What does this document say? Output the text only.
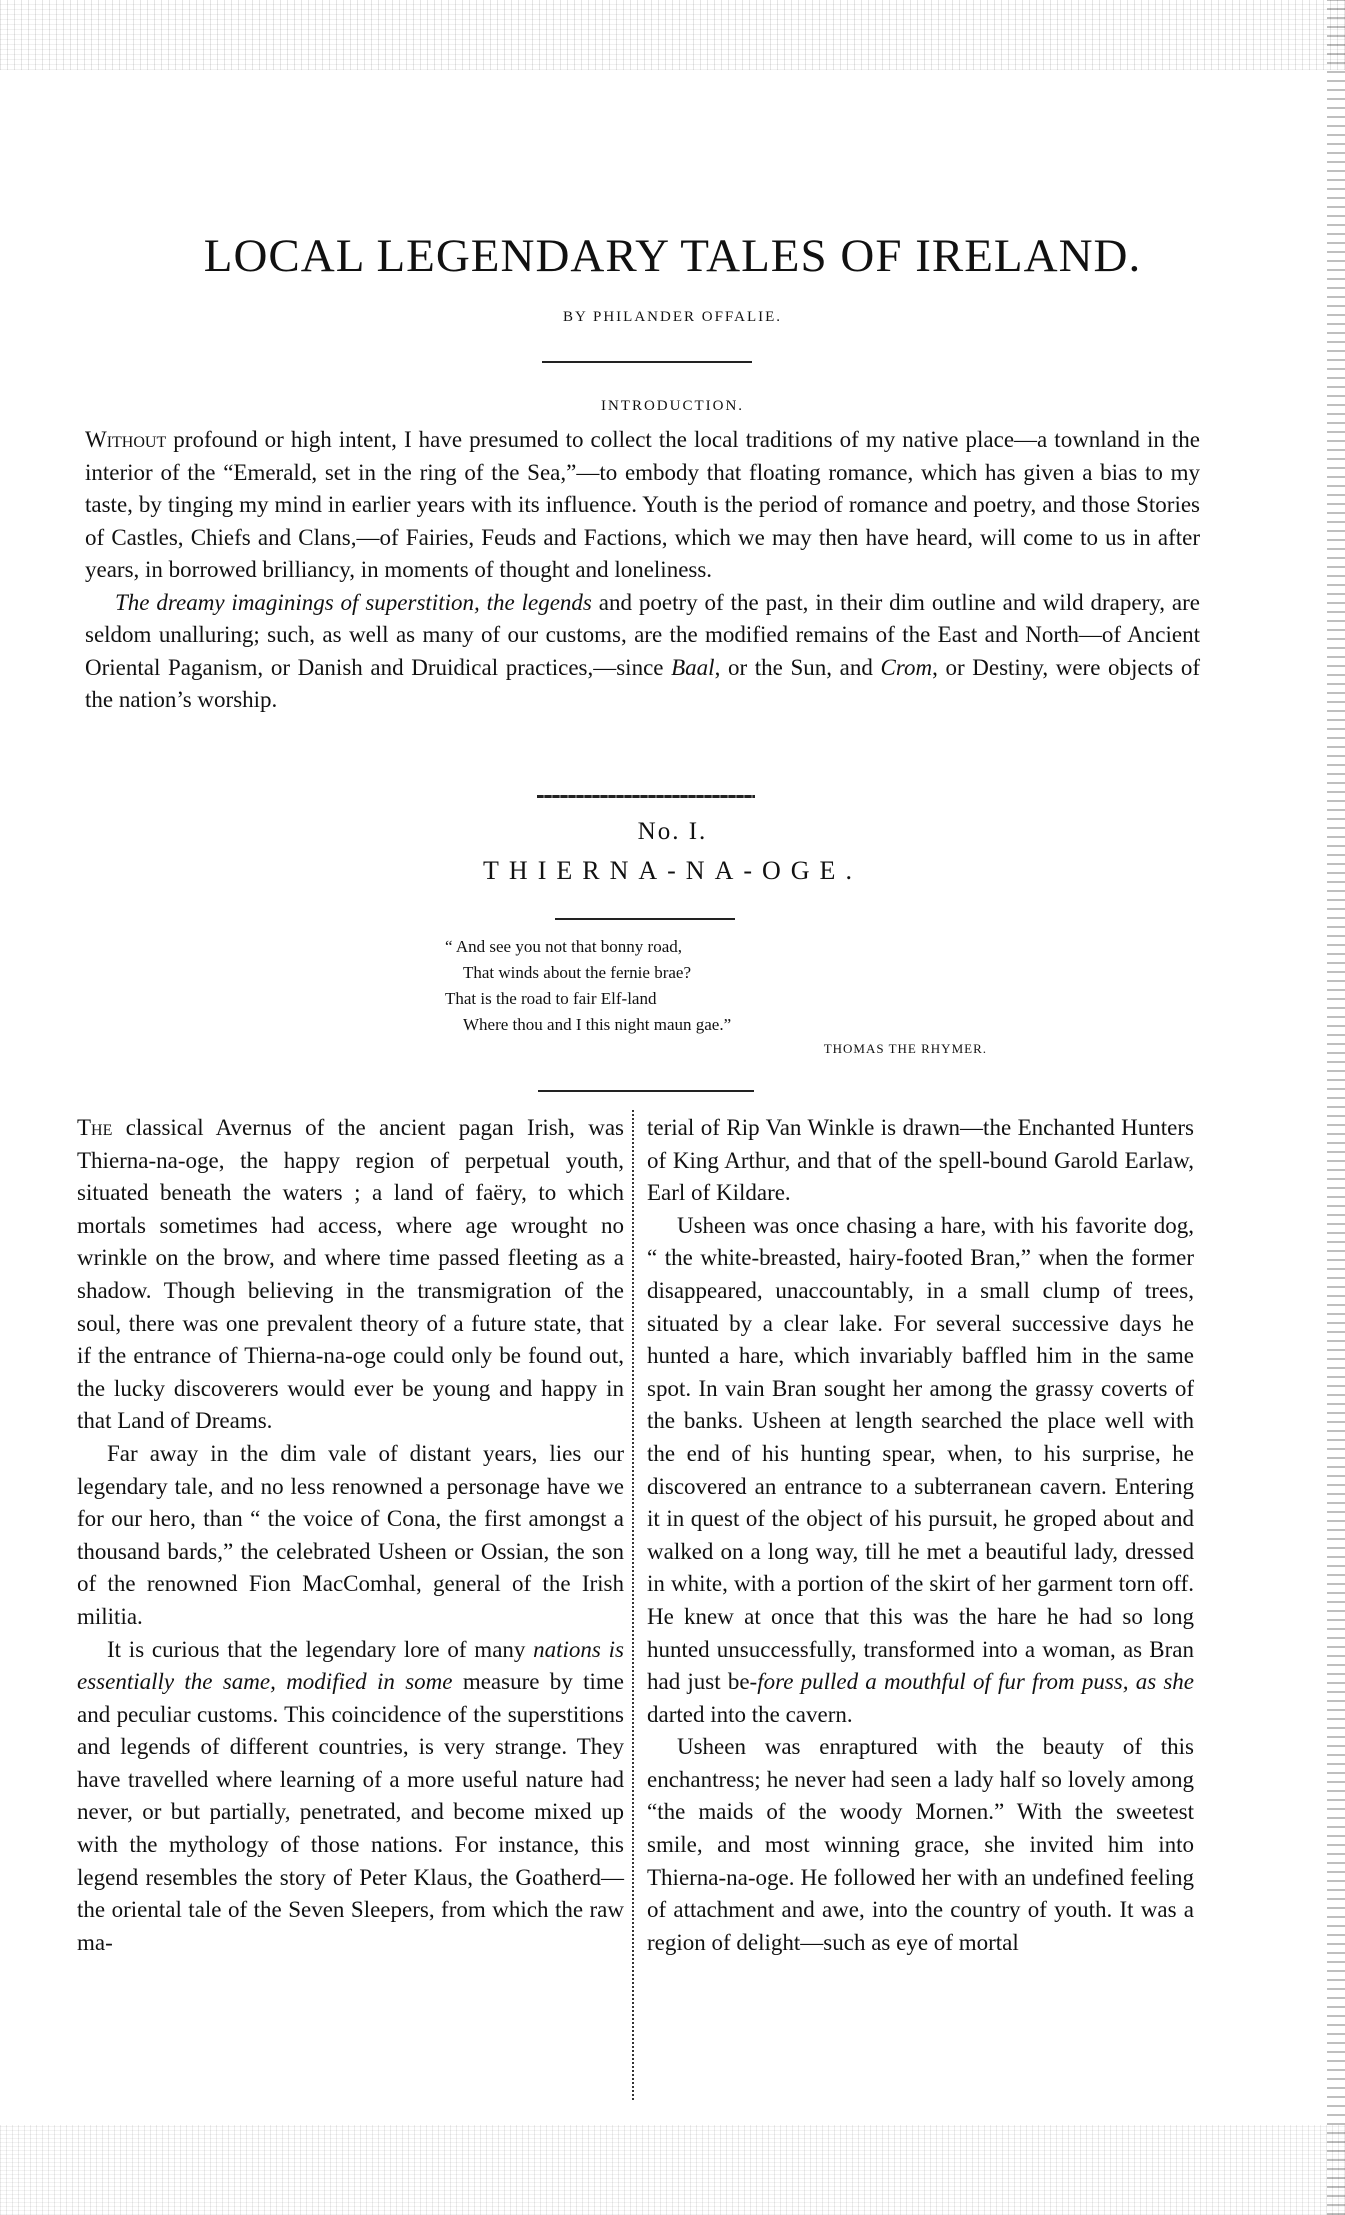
LOCAL LEGENDARY TALES OF IRELAND.
BY PHILANDER OFFALIE.
INTRODUCTION.

Without profound or high intent, I have presumed to collect the local traditions of my native place—a townland in the interior of the “Emerald, set in the ring of the Sea,”—to embody that floating romance, which has given a bias to my taste, by tinging my mind in earlier years with its influence. Youth is the period of romance and poetry, and those Stories of Castles, Chiefs and Clans,—of Fairies, Feuds and Factions, which we may then have heard, will come to us in after years, in borrowed brilliancy, in moments of thought and loneliness.

The dreamy imaginings of superstition, the legends and poetry of the past, in their dim outline and wild drapery, are seldom unalluring; such, as well as many of our customs, are the modified remains of the East and North—of Ancient Oriental Paganism, or Danish and Druidical practices,—since Baal, or the Sun, and Crom, or Destiny, were objects of the nation’s worship.

No. I.
THIERNA-NA-OGE.
“ And see you not that bonny road,
That winds about the fernie brae?
That is the road to fair Elf-land
Where thou and I this night maun gae.”
THOMAS THE RHYMER.

The classical Avernus of the ancient pagan Irish, was Thierna-na-oge, the happy region of perpetual youth, situated beneath the waters ; a land of faëry, to which mortals sometimes had access, where age wrought no wrinkle on the brow, and where time passed fleeting as a shadow. Though believing in the transmigration of the soul, there was one prevalent theory of a future state, that if the entrance of Thierna-na-oge could only be found out, the lucky discoverers would ever be young and happy in that Land of Dreams.

Far away in the dim vale of distant years, lies our legendary tale, and no less renowned a personage have we for our hero, than “ the voice of Cona, the first amongst a thousand bards,” the celebrated Usheen or Ossian, the son of the renowned Fion MacComhal, general of the Irish militia.

It is curious that the legendary lore of many nations is essentially the same, modified in some measure by time and peculiar customs. This coincidence of the superstitions and legends of different countries, is very strange. They have travelled where learning of a more useful nature had never, or but partially, penetrated, and become mixed up with the mythology of those nations. For instance, this legend resembles the story of Peter Klaus, the Goatherd—the oriental tale of the Seven Sleepers, from which the raw ma-

terial of Rip Van Winkle is drawn—the Enchanted Hunters of King Arthur, and that of the spell-bound Garold Earlaw, Earl of Kildare.

Usheen was once chasing a hare, with his favorite dog, “ the white-breasted, hairy-footed Bran,” when the former disappeared, unaccountably, in a small clump of trees, situated by a clear lake. For several successive days he hunted a hare, which invariably baffled him in the same spot. In vain Bran sought her among the grassy coverts of the banks. Usheen at length searched the place well with the end of his hunting spear, when, to his surprise, he discovered an entrance to a subterranean cavern. Entering it in quest of the object of his pursuit, he groped about and walked on a long way, till he met a beautiful lady, dressed in white, with a portion of the skirt of her garment torn off. He knew at once that this was the hare he had so long hunted unsuccessfully, transformed into a woman, as Bran had just be-fore pulled a mouthful of fur from puss, as she darted into the cavern.

Usheen was enraptured with the beauty of this enchantress; he never had seen a lady half so lovely among “the maids of the woody Mornen.” With the sweetest smile, and most winning grace, she invited him into Thierna-na-oge. He followed her with an undefined feeling of attachment and awe, into the country of youth. It was a region of delight—such as eye of mortal
